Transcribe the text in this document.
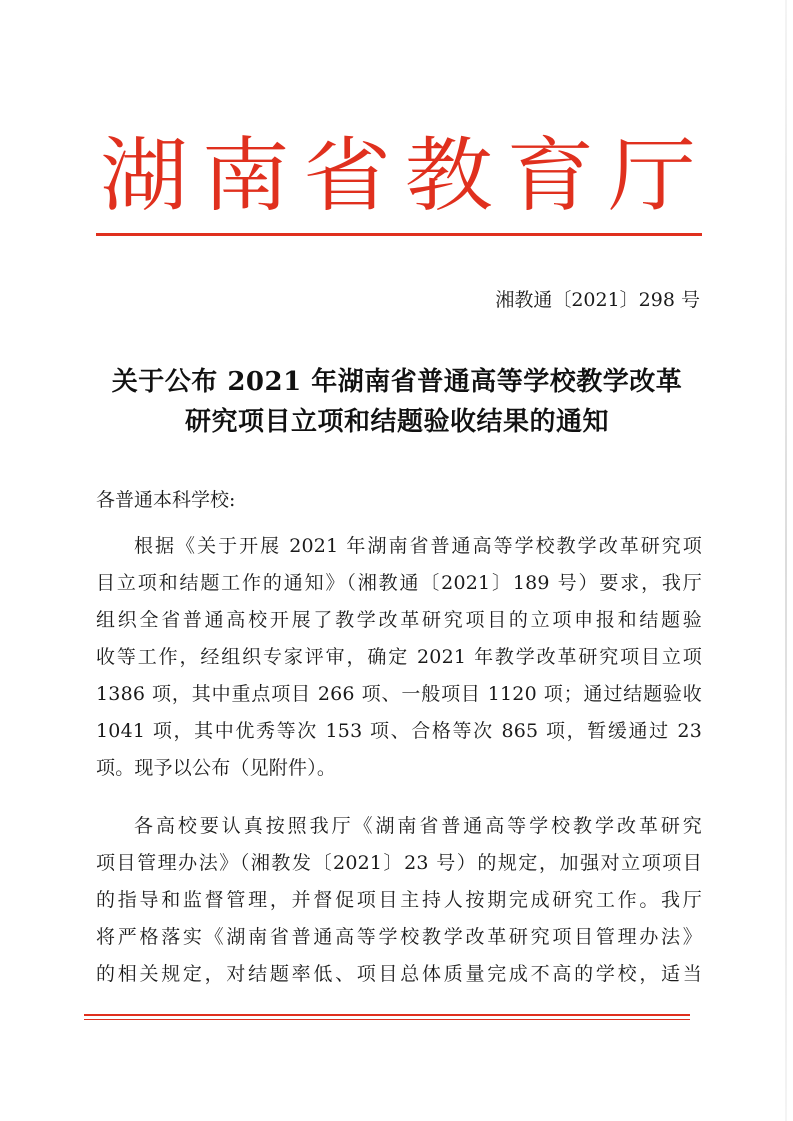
湖 南 省 教 育 厅
湘教通〔2021〕298 号
关于公布 2021 年湖南省普通高等学校教学改革
研究项目立项和结题验收结果的通知
各普通本科学校:
根据《关于开展 2021 年湖南省普通高等学校教学改革研究项
目立项和结题工作的通知》（湘教通〔2021〕189 号）要求，我厅
组织全省普通高校开展了教学改革研究项目的立项申报和结题验
收等工作，经组织专家评审，确定 2021 年教学改革研究项目立项
1386 项，其中重点项目 266 项、一般项目 1120 项；通过结题验收
1041 项，其中优秀等次 153 项、合格等次 865 项，暂缓通过 23
项。现予以公布（见附件）。
各高校要认真按照我厅《湖南省普通高等学校教学改革研究
项目管理办法》（湘教发〔2021〕23 号）的规定，加强对立项项目
的指导和监督管理，并督促项目主持人按期完成研究工作。我厅
将严格落实《湖南省普通高等学校教学改革研究项目管理办法》
的相关规定，对结题率低、项目总体质量完成不高的学校，适当
